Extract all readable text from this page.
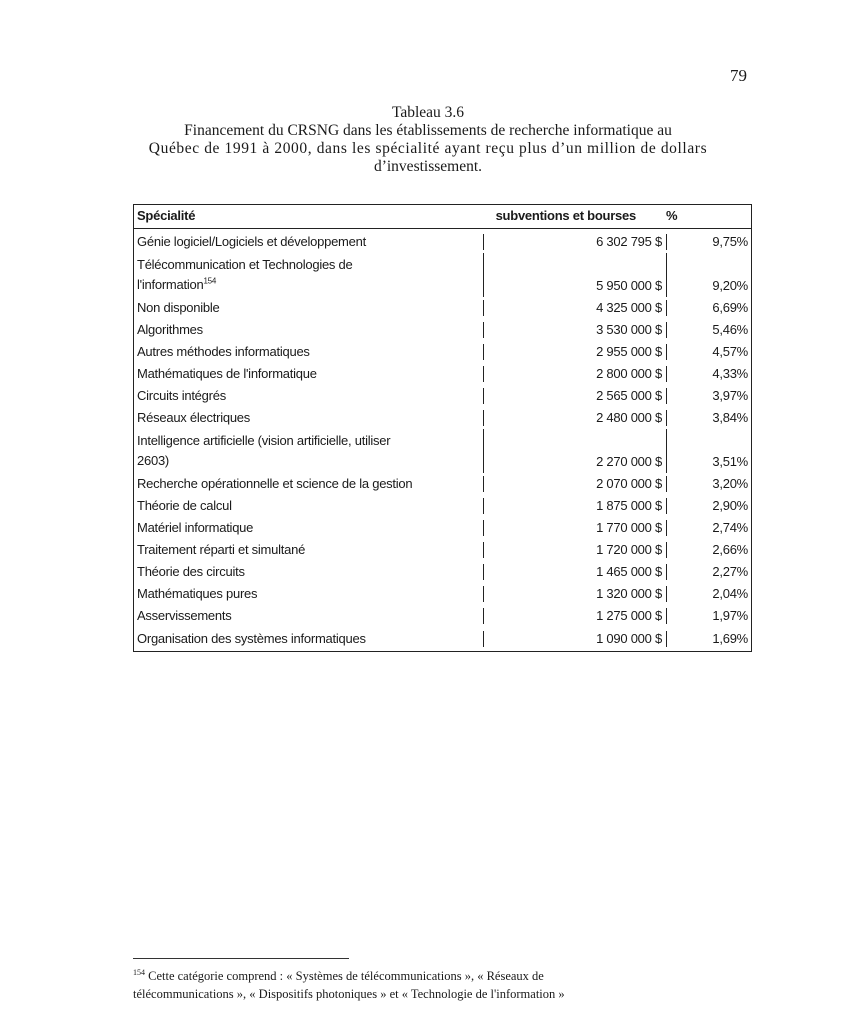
79
Tableau 3.6
Financement du CRSNG dans les établissements de recherche informatique au
Québec de 1991 à 2000, dans les spécialité ayant reçu plus d’un million de dollars
d’investissement.
Spécialité	subventions et bourses	%
Génie logiciel/Logiciels et développement	6 302 795 $	9,75%
Télécommunication et Technologies de
l'information$^{154}$	5 950 000 $	9,20%
Non disponible	4 325 000 $	6,69%
Algorithmes	3 530 000 $	5,46%
Autres méthodes informatiques	2 955 000 $	4,57%
Mathématiques de l'informatique	2 800 000 $	4,33%
Circuits intégrés	2 565 000 $	3,97%
Réseaux électriques	2 480 000 $	3,84%
Intelligence artificielle (vision artificielle, utiliser
2603)	2 270 000 $	3,51%
Recherche opérationnelle et science de la gestion	2 070 000 $	3,20%
Théorie de calcul	1 875 000 $	2,90%
Matériel informatique	1 770 000 $	2,74%
Traitement réparti et simultané	1 720 000 $	2,66%
Théorie des circuits	1 465 000 $	2,27%
Mathématiques pures	1 320 000 $	2,04%
Asservissements	1 275 000 $	1,97%
Organisation des systèmes informatiques	1 090 000 $	1,69%
$^{154}$ Cette catégorie comprend : « Systèmes de télécommunications », « Réseaux de
télécommunications », « Dispositifs photoniques » et « Technologie de l'information »
